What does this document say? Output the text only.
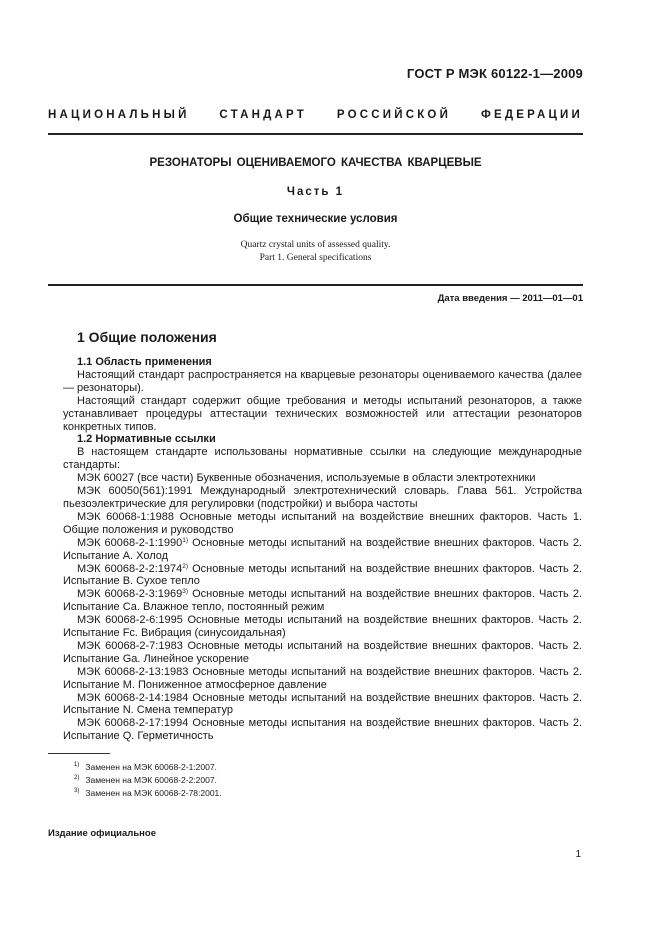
ГОСТ Р МЭК 60122-1—2009
НАЦИОНАЛЬНЫЙ СТАНДАРТ РОССИЙСКОЙ ФЕДЕРАЦИИ
РЕЗОНАТОРЫ ОЦЕНИВАЕМОГО КАЧЕСТВА КВАРЦЕВЫЕ
Часть 1
Общие технические условия
Quartz crystal units of assessed quality.
Part 1. General specifications
Дата введения — 2011—01—01
1 Общие положения

1.1 Область применения

Настоящий стандарт распространяется на кварцевые резонаторы оцениваемого качества (далее — резонаторы).

Настоящий стандарт содержит общие требования и методы испытаний резонаторов, а также устанавливает процедуры аттестации технических возможностей или аттестации резонаторов конкретных типов.

1.2 Нормативные ссылки

В настоящем стандарте использованы нормативные ссылки на следующие международные стандарты:

МЭК 60027 (все части) Буквенные обозначения, используемые в области электротехники

МЭК 60050(561):1991 Международный электротехнический словарь. Глава 561. Устройства пьезоэлектрические для регулировки (подстройки) и выбора частоты

МЭК 60068-1:1988 Основные методы испытаний на воздействие внешних факторов. Часть 1. Общие положения и руководство

МЭК 60068-2-1:1990$^{1)}$ Основные методы испытаний на воздействие внешних факторов. Часть 2. Испытание А. Холод

МЭК 60068-2-2:1974$^{2)}$ Основные методы испытаний на воздействие внешних факторов. Часть 2. Испытание В. Сухое тепло

МЭК 60068-2-3:1969$^{3)}$ Основные методы испытаний на воздействие внешних факторов. Часть 2. Испытание Са. Влажное тепло, постоянный режим

МЭК 60068-2-6:1995 Основные методы испытаний на воздействие внешних факторов. Часть 2. Испытание Fc. Вибрация (синусоидальная)

МЭК 60068-2-7:1983 Основные методы испытаний на воздействие внешних факторов. Часть 2. Испытание Ga. Линейное ускорение

МЭК 60068-2-13:1983 Основные методы испытаний на воздействие внешних факторов. Часть 2. Испытание М. Пониженное атмосферное давление

МЭК 60068-2-14:1984 Основные методы испытаний на воздействие внешних факторов. Часть 2. Испытание N. Смена температур

МЭК 60068-2-17:1994 Основные методы испытания на воздействие внешних факторов. Часть 2. Испытание Q. Герметичность

$^{1)}$ Заменен на МЭК 60068-2-1:2007.
$^{2)}$ Заменен на МЭК 60068-2-2:2007.
$^{3)}$ Заменен на МЭК 60068-2-78:2001.
Издание официальное
1
